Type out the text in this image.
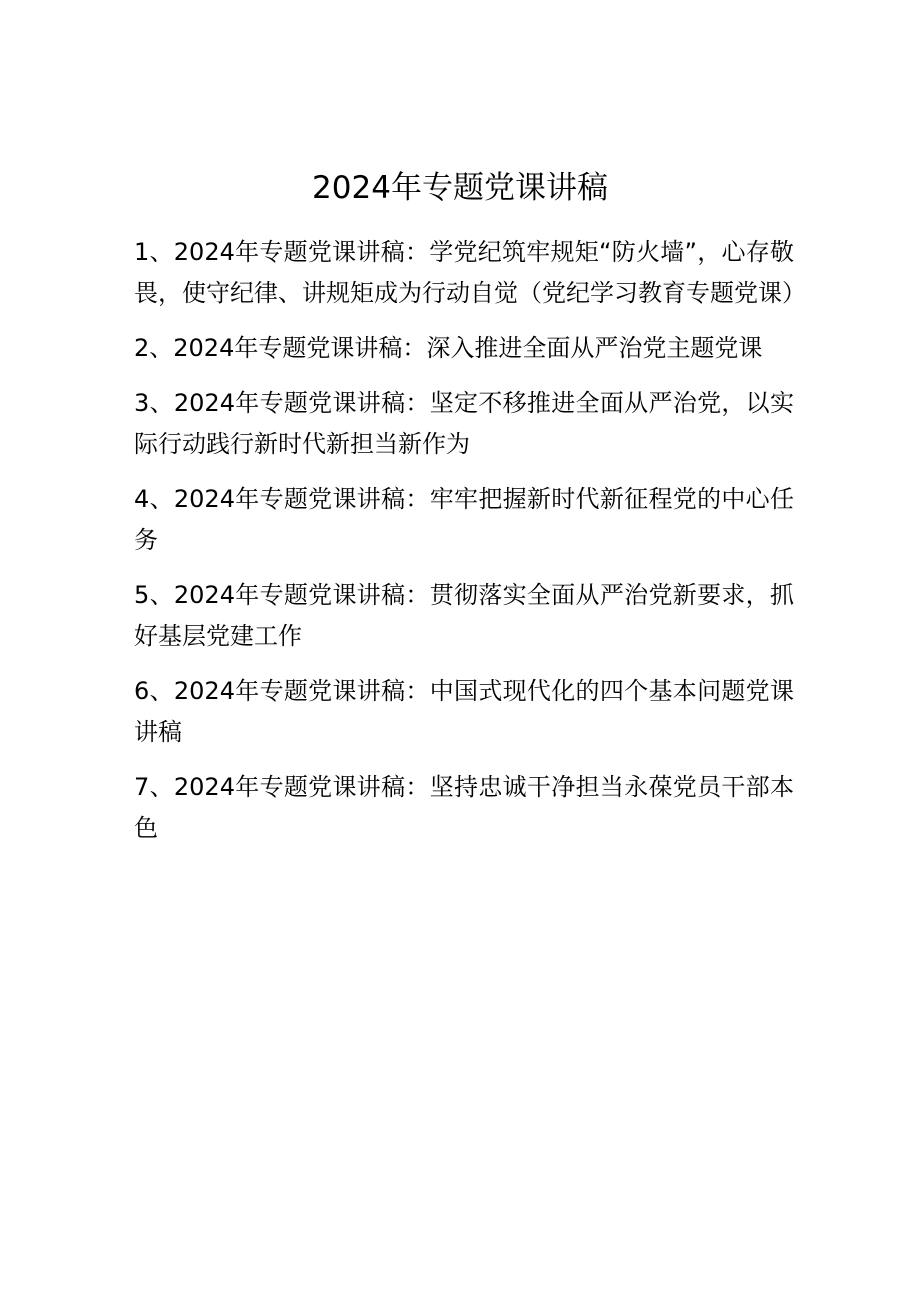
2024年专题党课讲稿
1、2024年专题党课讲稿：学党纪筑牢规矩“防火墙”，心存敬畏，使守纪律、讲规矩成为行动自觉（党纪学习教育专题党课）
2、2024年专题党课讲稿：深入推进全面从严治党主题党课
3、2024年专题党课讲稿：坚定不移推进全面从严治党，以实际行动践行新时代新担当新作为
4、2024年专题党课讲稿：牢牢把握新时代新征程党的中心任务
5、2024年专题党课讲稿：贯彻落实全面从严治党新要求，抓好基层党建工作
6、2024年专题党课讲稿：中国式现代化的四个基本问题党课讲稿
7、2024年专题党课讲稿：坚持忠诚干净担当永葆党员干部本色
